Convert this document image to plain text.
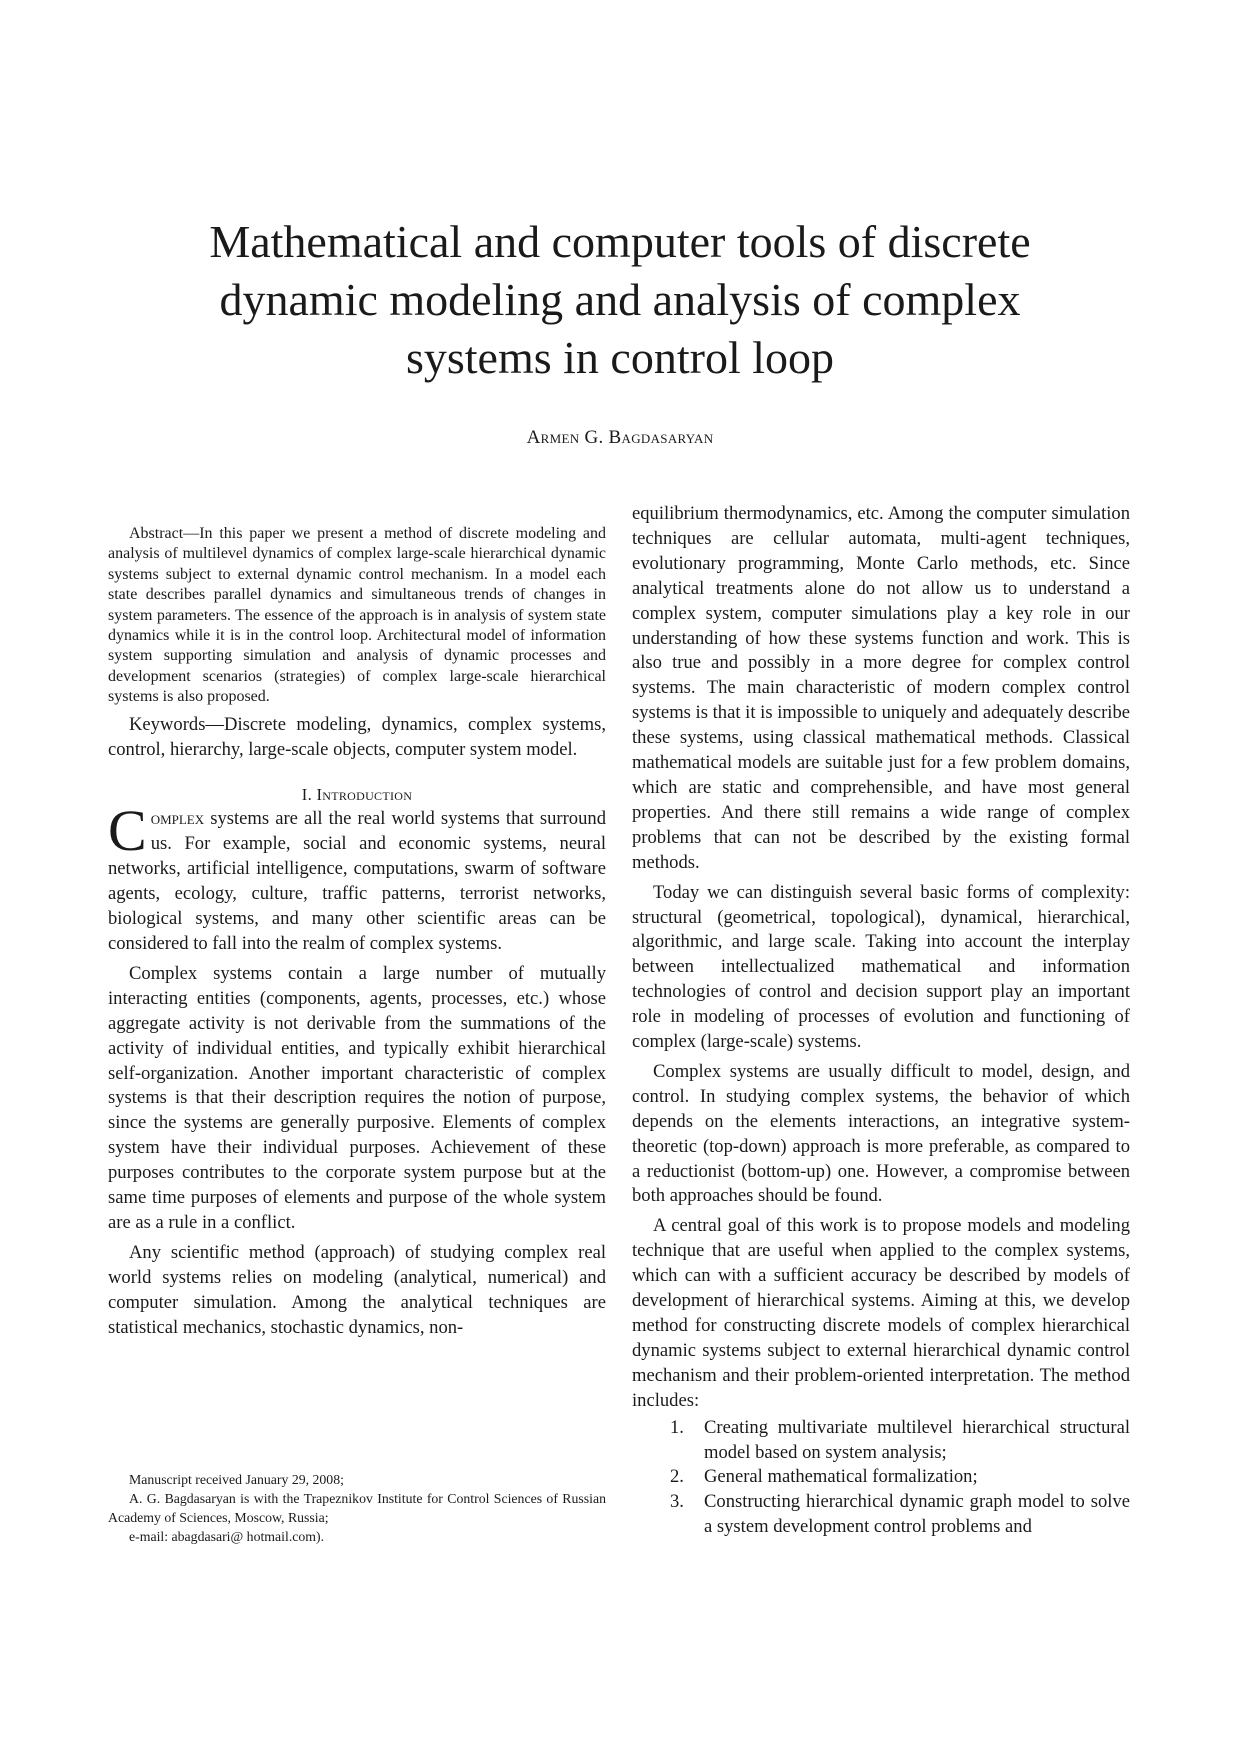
Mathematical and computer tools of discrete
dynamic modeling and analysis of complex
systems in control loop
Armen G. Bagdasaryan

Abstract—In this paper we present a method of discrete modeling and analysis of multilevel dynamics of complex large-scale hierarchical dynamic systems subject to external dynamic control mechanism. In a model each state describes parallel dynamics and simultaneous trends of changes in system parameters. The essence of the approach is in analysis of system state dynamics while it is in the control loop. Architectural model of information system supporting simulation and analysis of dynamic processes and development scenarios (strategies) of complex large-scale hierarchical systems is also proposed.

Keywords—Discrete modeling, dynamics, complex systems, control, hierarchy, large-scale objects, computer system model.

I. Introduction

Complex systems are all the real world systems that surround us. For example, social and economic systems, neural networks, artificial intelligence, computations, swarm of software agents, ecology, culture, traffic patterns, terrorist networks, biological systems, and many other scientific areas can be considered to fall into the realm of complex systems.

Complex systems contain a large number of mutually interacting entities (components, agents, processes, etc.) whose aggregate activity is not derivable from the summations of the activity of individual entities, and typically exhibit hierarchical self-organization. Another important characteristic of complex systems is that their description requires the notion of purpose, since the systems are generally purposive. Elements of complex system have their individual purposes. Achievement of these purposes contributes to the corporate system purpose but at the same time purposes of elements and purpose of the whole system are as a rule in a conflict.

Any scientific method (approach) of studying complex real world systems relies on modeling (analytical, numerical) and computer simulation. Among the analytical techniques are statistical mechanics, stochastic dynamics, non-

Manuscript received January 29, 2008;

A. G. Bagdasaryan is with the Trapeznikov Institute for Control Sciences of Russian Academy of Sciences, Moscow, Russia;

e-mail: abagdasari@ hotmail.com).

equilibrium thermodynamics, etc. Among the computer simulation techniques are cellular automata, multi-agent techniques, evolutionary programming, Monte Carlo methods, etc. Since analytical treatments alone do not allow us to understand a complex system, computer simulations play a key role in our understanding of how these systems function and work. This is also true and possibly in a more degree for complex control systems. The main characteristic of modern complex control systems is that it is impossible to uniquely and adequately describe these systems, using classical mathematical methods. Classical mathematical models are suitable just for a few problem domains, which are static and comprehensible, and have most general properties. And there still remains a wide range of complex problems that can not be described by the existing formal methods.

Today we can distinguish several basic forms of complexity: structural (geometrical, topological), dynamical, hierarchical, algorithmic, and large scale. Taking into account the interplay between intellectualized mathematical and information technologies of control and decision support play an important role in modeling of processes of evolution and functioning of complex (large-scale) systems.

Complex systems are usually difficult to model, design, and control. In studying complex systems, the behavior of which depends on the elements interactions, an integrative system-theoretic (top-down) approach is more preferable, as compared to a reductionist (bottom-up) one. However, a compromise between both approaches should be found.

A central goal of this work is to propose models and modeling technique that are useful when applied to the complex systems, which can with a sufficient accuracy be described by models of development of hierarchical systems. Aiming at this, we develop method for constructing discrete models of complex hierarchical dynamic systems subject to external hierarchical dynamic control mechanism and their problem-oriented interpretation. The method includes:

1. Creating multivariate multilevel hierarchical structural model based on system analysis;
2. General mathematical formalization;
3. Constructing hierarchical dynamic graph model to solve a system development control problems and
